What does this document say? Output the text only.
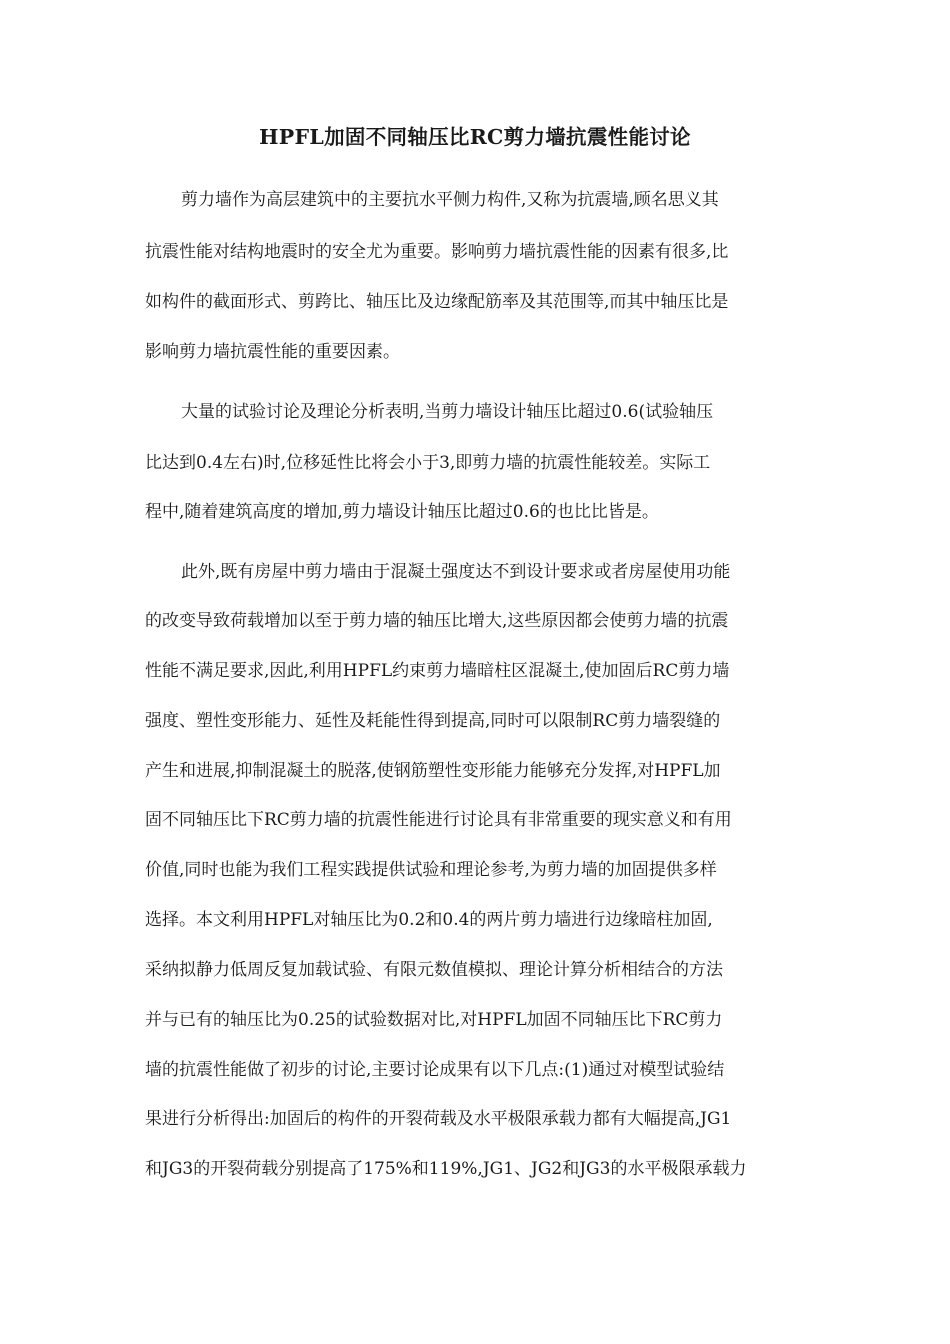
HPFL加固不同轴压比RC剪力墙抗震性能讨论
剪力墙作为高层建筑中的主要抗水平侧力构件,又称为抗震墙,顾名思义其
抗震性能对结构地震时的安全尤为重要。影响剪力墙抗震性能的因素有很多,比
如构件的截面形式、剪跨比、轴压比及边缘配筋率及其范围等,而其中轴压比是
影响剪力墙抗震性能的重要因素。
大量的试验讨论及理论分析表明,当剪力墙设计轴压比超过0.6(试验轴压
比达到0.4左右)时,位移延性比将会小于3,即剪力墙的抗震性能较差。实际工
程中,随着建筑高度的增加,剪力墙设计轴压比超过0.6的也比比皆是。
此外,既有房屋中剪力墙由于混凝土强度达不到设计要求或者房屋使用功能
的改变导致荷载增加以至于剪力墙的轴压比增大,这些原因都会使剪力墙的抗震
性能不满足要求,因此,利用HPFL约束剪力墙暗柱区混凝土,使加固后RC剪力墙
强度、塑性变形能力、延性及耗能性得到提高,同时可以限制RC剪力墙裂缝的
产生和进展,抑制混凝土的脱落,使钢筋塑性变形能力能够充分发挥,对HPFL加
固不同轴压比下RC剪力墙的抗震性能进行讨论具有非常重要的现实意义和有用
价值,同时也能为我们工程实践提供试验和理论参考,为剪力墙的加固提供多样
选择。本文利用HPFL对轴压比为0.2和0.4的两片剪力墙进行边缘暗柱加固,
采纳拟静力低周反复加载试验、有限元数值模拟、理论计算分析相结合的方法
并与已有的轴压比为0.25的试验数据对比,对HPFL加固不同轴压比下RC剪力
墙的抗震性能做了初步的讨论,主要讨论成果有以下几点:(1)通过对模型试验结
果进行分析得出:加固后的构件的开裂荷载及水平极限承载力都有大幅提高,JG1
和JG3的开裂荷载分别提高了175%和119%,JG1、JG2和JG3的水平极限承载力
